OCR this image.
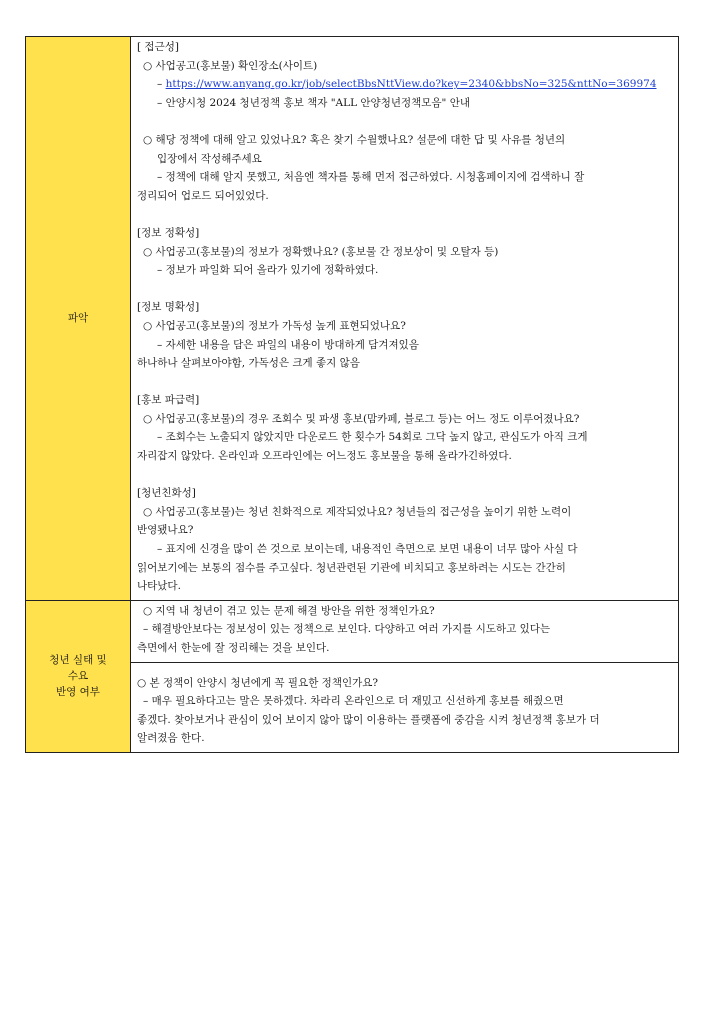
파악
[ 접근성]
○ 사업공고(홍보물) 확인장소(사이트)
– https://www.anyang.go.kr/job/selectBbsNttView.do?key=2340&bbsNo=325&nttNo=369974
– 안양시청 2024 청년정책 홍보 책자 "ALL 안양청년정책모음" 안내
○ 해당 정책에 대해 알고 있었나요? 혹은 찾기 수월했나요? 설문에 대한 답 및 사유를 청년의
입장에서 작성해주세요
– 정책에 대해 알지 못했고, 처음엔 책자를 통해 먼저 접근하였다. 시청홈페이지에 검색하니 잘
정리되어 업로드 되어있었다.
[정보 정확성]
○ 사업공고(홍보물)의 정보가 정확했나요? (홍보물 간 정보상이 및 오탈자 등)
– 정보가 파일화 되어 올라가 있기에 정확하였다.
[정보 명확성]
○ 사업공고(홍보물)의 정보가 가독성 높게 표현되었나요?
– 자세한 내용을 담은 파일의 내용이 방대하게 담겨져있음
하나하나 살펴보아야함, 가독성은 크게 좋지 않음
[홍보 파급력]
○ 사업공고(홍보물)의 경우 조회수 및 파생 홍보(맘카페, 블로그 등)는 어느 정도 이루어졌나요?
– 조회수는 노출되지 않았지만 다운로드 한 횟수가 54회로 그닥 높지 않고, 관심도가 아직 크게
자리잡지 않았다. 온라인과 오프라인에는 어느정도 홍보물을 통해 올라가긴하였다.
[청년친화성]
○ 사업공고(홍보물)는 청년 친화적으로 제작되었나요? 청년들의 접근성을 높이기 위한 노력이
반영됐나요?
– 표지에 신경을 많이 쓴 것으로 보이는데, 내용적인 측면으로 보면 내용이 너무 많아 사실 다
읽어보기에는 보통의 점수를 주고싶다. 청년관련된 기관에 비치되고 홍보하려는 시도는 간간히
나타났다.
청년 실태 및
수요
반영 여부
○ 지역 내 청년이 겪고 있는 문제 해결 방안을 위한 정책인가요?
– 해결방안보다는 정보성이 있는 정책으로 보인다. 다양하고 여러 가지를 시도하고 있다는
측면에서 한눈에 잘 정리해는 것을 보인다.
○ 본 정책이 안양시 청년에게 꼭 필요한 정책인가요?
– 매우 필요하다고는 말은 못하겠다. 차라리 온라인으로 더 재밌고 신선하게 홍보를 해줬으면
좋겠다. 찾아보거나 관심이 있어 보이지 않아 많이 이용하는 플랫폼에 중감을 시켜 청년정책 홍보가 더
알려졌음 한다.
